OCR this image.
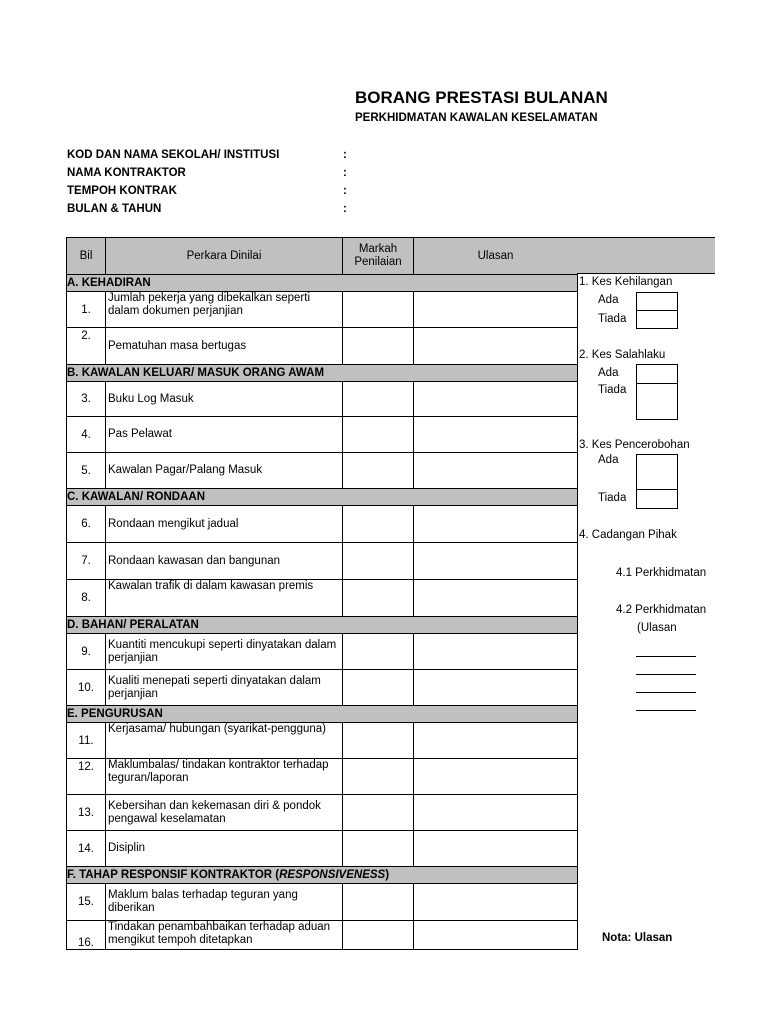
BORANG PRESTASI BULANAN
PERKHIDMATAN KAWALAN KESELAMATAN
KOD DAN NAMA SEKOLAH/ INSTITUSI	:
NAMA KONTRAKTOR	:
TEMPOH KONTRAK	:
BULAN & TAHUN	:
Bil	Perkara Dinilai	Markah Penilaian	Ulasan
A. KEHADIRAN			
1.	Jumlah pekerja yang dibekalkan seperti dalam dokumen perjanjian		
2.	Pematuhan masa bertugas		
B. KAWALAN KELUAR/ MASUK ORANG AWAM			
3.	Buku Log Masuk		
4.	Pas Pelawat		
5.	Kawalan Pagar/Palang Masuk		
C. KAWALAN/ RONDAAN			
6.	Rondaan mengikut jadual		
7.	Rondaan kawasan dan bangunan		
8.	Kawalan trafik di dalam kawasan premis		
D. BAHAN/ PERALATAN			
9.	Kuantiti mencukupi seperti dinyatakan dalam perjanjian		
10.	Kualiti menepati seperti dinyatakan dalam perjanjian		
E. PENGURUSAN			
11.	Kerjasama/ hubungan (syarikat-pengguna)		
12.	Maklumbalas/ tindakan kontraktor terhadap teguran/laporan		
13.	Kebersihan dan kekemasan diri & pondok pengawal keselamatan		
14.	Disiplin		
F. TAHAP RESPONSIF KONTRAKTOR (RESPONSIVENESS)			
15.	Maklum balas terhadap teguran yang diberikan		
16.	Tindakan penambahbaikan terhadap aduan mengikut tempoh ditetapkan		

1. Kes Kehilangan
Ada
Tiada
2. Kes Salahlaku
Ada
Tiada
3. Kes Pencerobohan
Ada
Tiada
4. Cadangan Pihak
4.1 Perkhidmatan
4.2 Perkhidmatan
(Ulasan
Nota: Ulasan
